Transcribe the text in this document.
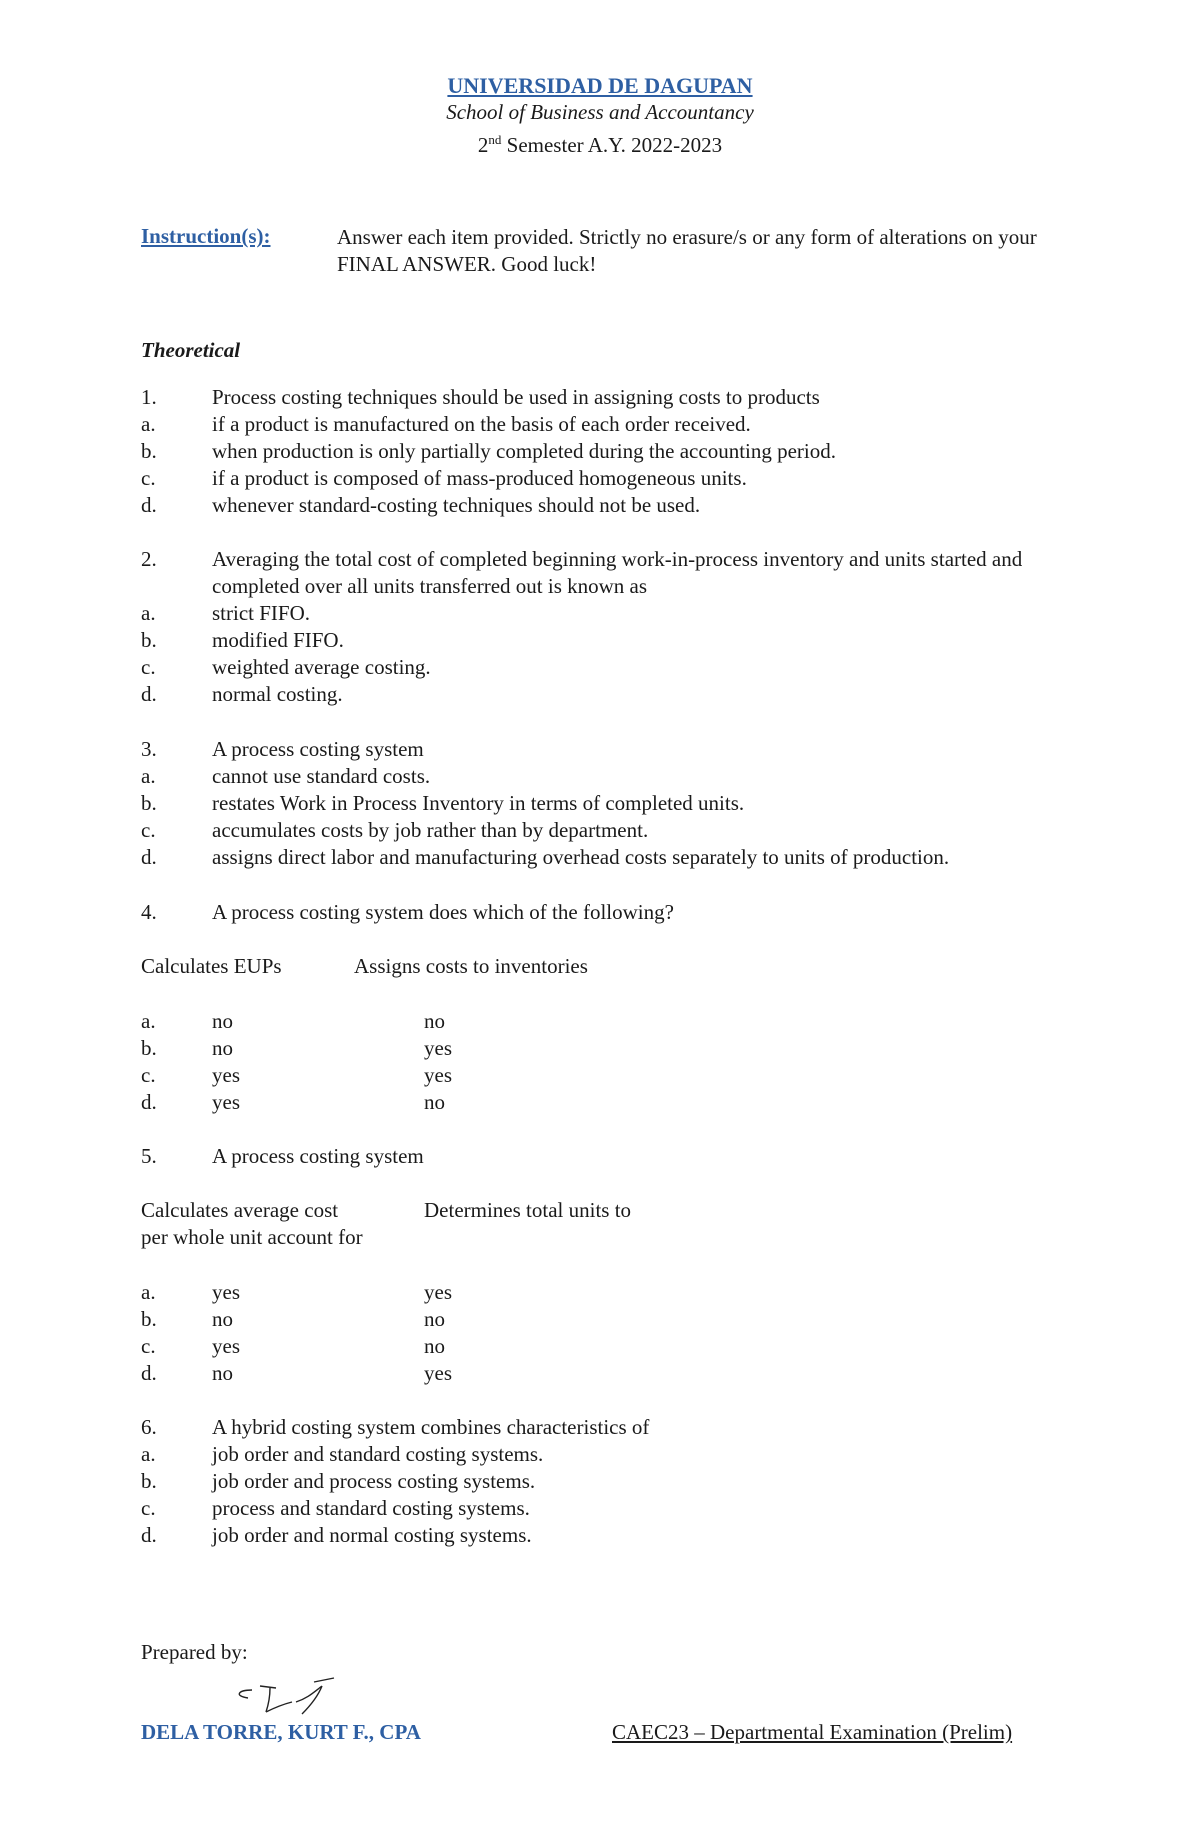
UNIVERSIDAD DE DAGUPAN
School of Business and Accountancy
2nd Semester A.Y. 2022-2023
Instruction(s):	Answer each item provided. Strictly no erasure/s or any form of alterations on your FINAL ANSWER. Good luck!
Theoretical
1.	Process costing techniques should be used in assigning costs to products
a.	if a product is manufactured on the basis of each order received.
b.	when production is only partially completed during the accounting period.
c.	if a product is composed of mass-produced homogeneous units.
d.	whenever standard-costing techniques should not be used.
2.	Averaging the total cost of completed beginning work-in-process inventory and units started and completed over all units transferred out is known as
a.	strict FIFO.
b.	modified FIFO.
c.	weighted average costing.
d.	normal costing.
3.	A process costing system
a.	cannot use standard costs.
b.	restates Work in Process Inventory in terms of completed units.
c.	accumulates costs by job rather than by department.
d.	assigns direct labor and manufacturing overhead costs separately to units of production.
4.	A process costing system does which of the following?
Calculates EUPs	Assigns costs to inventories
a.	no	no
b.	no	yes
c.	yes	yes
d.	yes	no
5.	A process costing system
Calculates average cost
per whole unit account for
Determines total units to
a.	yes	yes
b.	no	no
c.	yes	no
d.	no	yes
6.	A hybrid costing system combines characteristics of
a.	job order and standard costing systems.
b.	job order and process costing systems.
c.	process and standard costing systems.
d.	job order and normal costing systems.
Prepared by:
DELA TORRE, KURT F., CPA	CAEC23 – Departmental Examination (Prelim)
